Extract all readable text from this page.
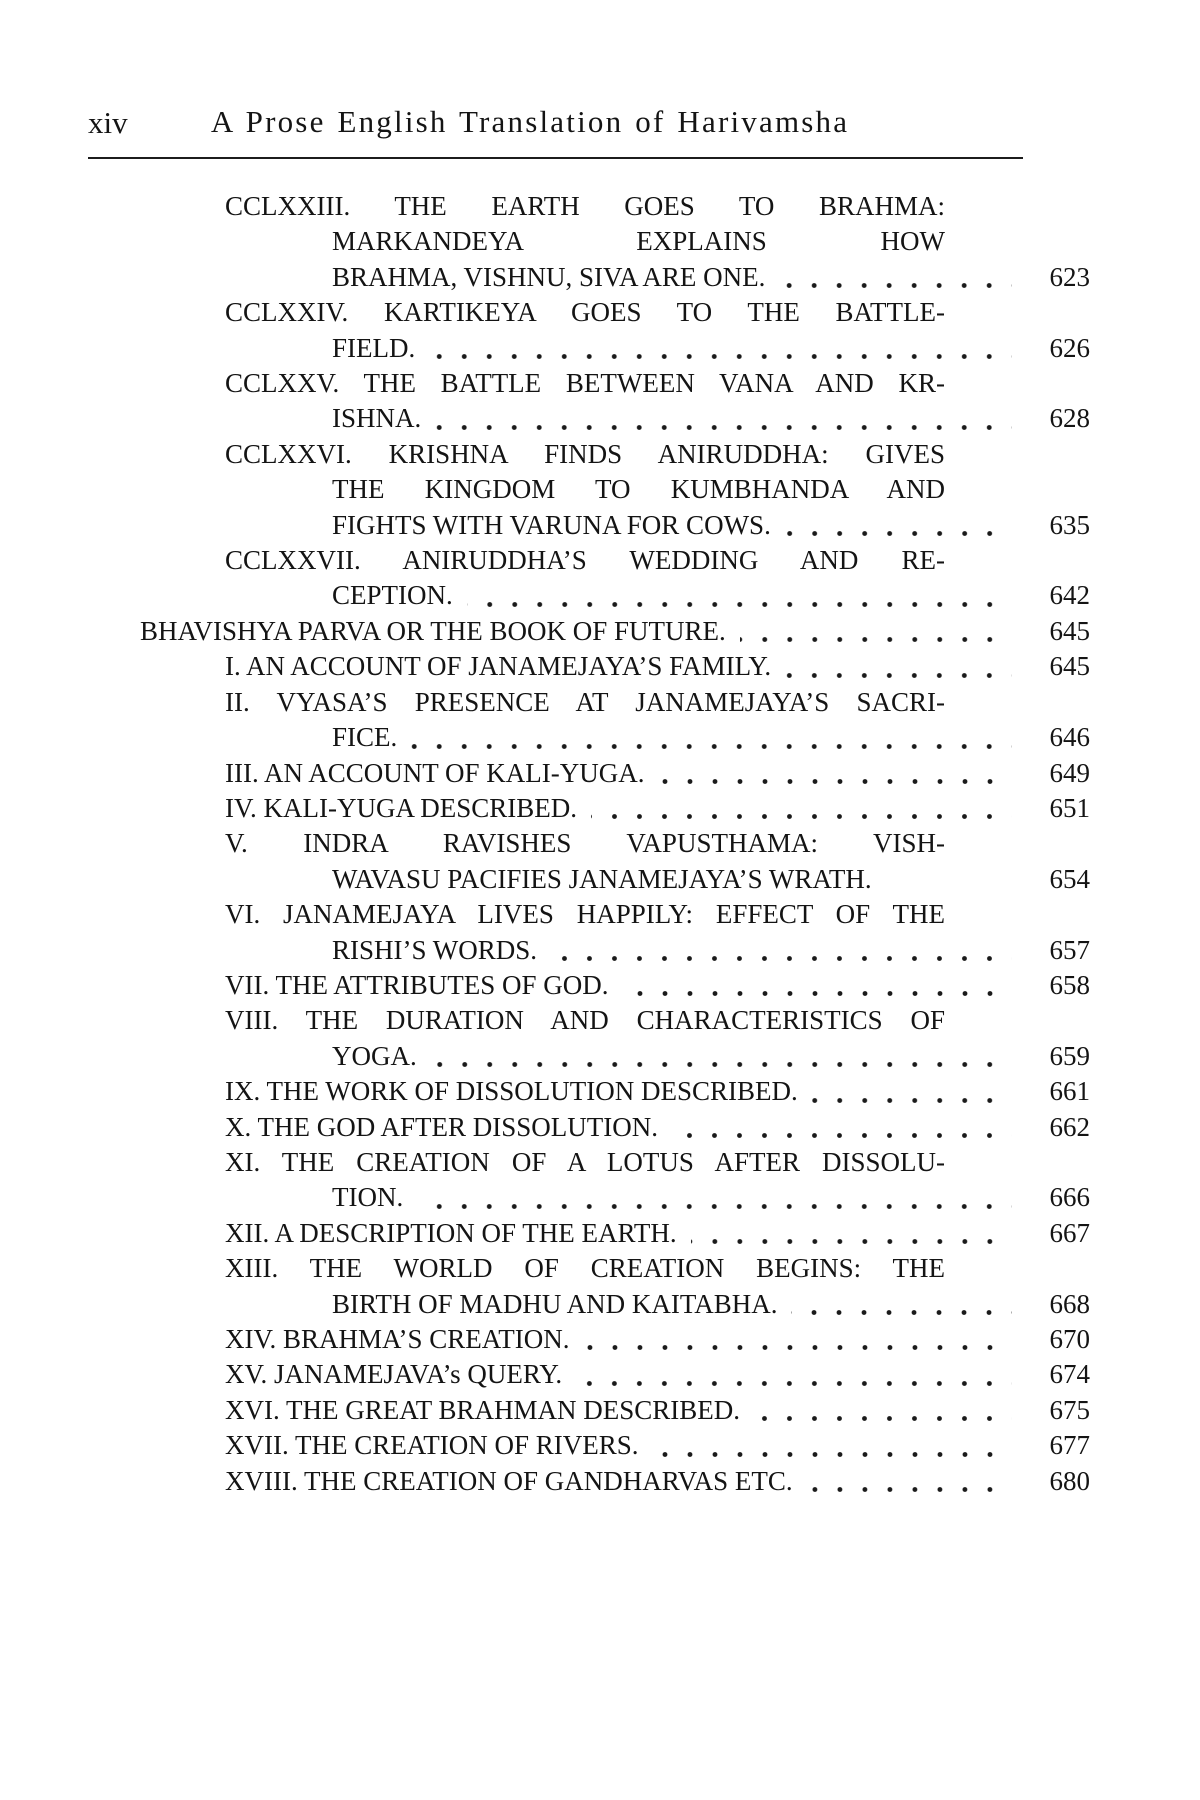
xiv	A Prose English Translation of Harivamsha
CCLXXIII. THE EARTH GOES TO BRAHMA:
MARKANDEYA EXPLAINS HOW
BRAHMA, VISHNU, SIVA ARE ONE.	623
CCLXXIV. KARTIKEYA GOES TO THE BATTLE-
FIELD.	626
CCLXXV. THE BATTLE BETWEEN VANA AND KR-
ISHNA.	628
CCLXXVI. KRISHNA FINDS ANIRUDDHA: GIVES
THE KINGDOM TO KUMBHANDA AND
FIGHTS WITH VARUNA FOR COWS.	635
CCLXXVII. ANIRUDDHA’S WEDDING AND RE-
CEPTION.	642
BHAVISHYA PARVA OR THE BOOK OF FUTURE.	645
I. AN ACCOUNT OF JANAMEJAYA’S FAMILY.	645
II. VYASA’S PRESENCE AT JANAMEJAYA’S SACRI-
FICE.	646
III. AN ACCOUNT OF KALI-YUGA.	649
IV. KALI-YUGA DESCRIBED.	651
V. INDRA RAVISHES VAPUSTHAMA: VISH-
WAVASU PACIFIES JANAMEJAYA’S WRATH.	654
VI. JANAMEJAYA LIVES HAPPILY: EFFECT OF THE
RISHI’S WORDS.	657
VII. THE ATTRIBUTES OF GOD.	658
VIII. THE DURATION AND CHARACTERISTICS OF
YOGA.	659
IX. THE WORK OF DISSOLUTION DESCRIBED.	661
X. THE GOD AFTER DISSOLUTION.	662
XI. THE CREATION OF A LOTUS AFTER DISSOLU-
TION.	666
XII. A DESCRIPTION OF THE EARTH.	667
XIII. THE WORLD OF CREATION BEGINS: THE
BIRTH OF MADHU AND KAITABHA.	668
XIV. BRAHMA’S CREATION.	670
XV. JANAMEJAVA’s QUERY.	674
XVI. THE GREAT BRAHMAN DESCRIBED.	675
XVII. THE CREATION OF RIVERS.	677
XVIII. THE CREATION OF GANDHARVAS ETC.	680
